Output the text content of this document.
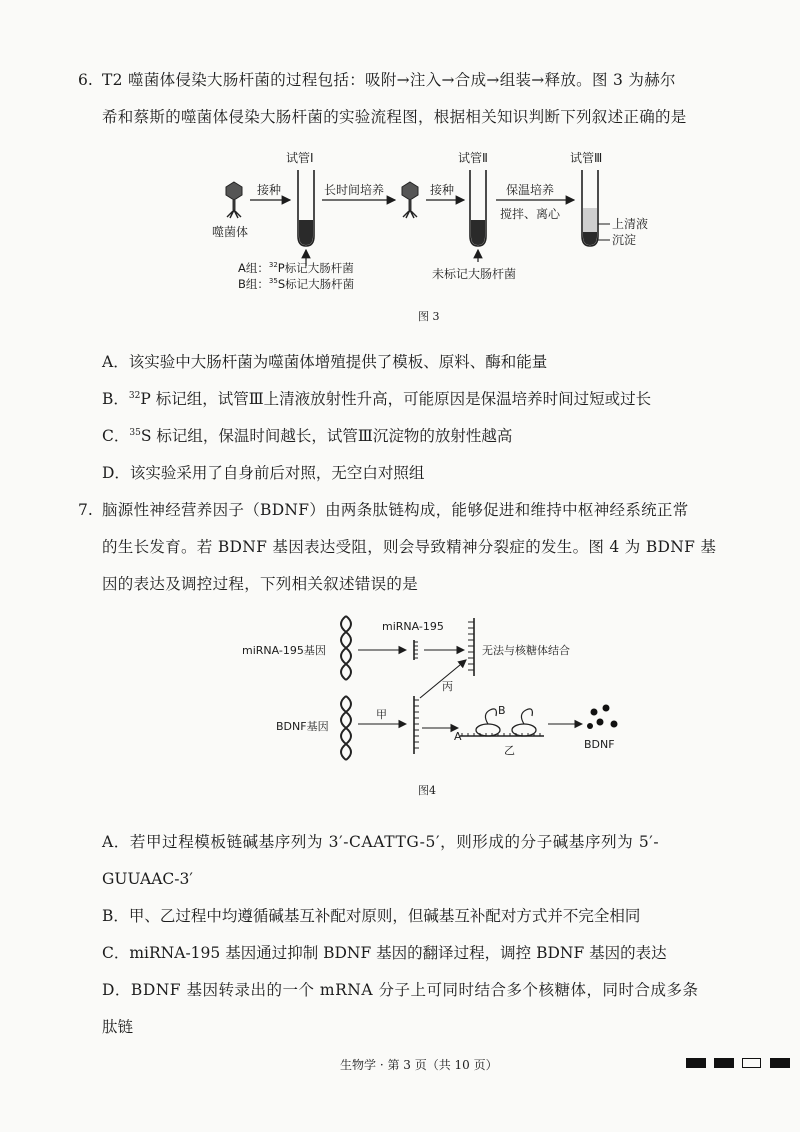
6. T2 噬菌体侵染大肠杆菌的过程包括：吸附→注入→合成→组装→释放。图 3 为赫尔
希和蔡斯的噬菌体侵染大肠杆菌的实验流程图，根据相关知识判断下列叙述正确的是
噬菌体
接种
试管Ⅰ
A组：$^{32}$P标记大肠杆菌
B组：$^{35}$S标记大肠杆菌
长时间培养	接种
试管Ⅱ
未标记大肠杆菌
保温培养
搅拌、离心
试管Ⅲ
上清液
沉淀
图 3
A．该实验中大肠杆菌为噬菌体增殖提供了模板、原料、酶和能量
B．$^{32}$P 标记组，试管Ⅲ上清液放射性升高，可能原因是保温培养时间过短或过长
C．$^{35}$S 标记组，保温时间越长，试管Ⅲ沉淀物的放射性越高
D．该实验采用了自身前后对照，无空白对照组
7. 脑源性神经营养因子（BDNF）由两条肽链构成，能够促进和维持中枢神经系统正常
的生长发育。若 BDNF 基因表达受阻，则会导致精神分裂症的发生。图 4 为 BDNF 基
因的表达及调控过程，下列相关叙述错误的是
miRNA-195基因
miRNA-195
无法与核糖体结合
BDNF基因
甲
丙
B
A
乙	BDNF
图4
A．若甲过程模板链碱基序列为 3′-CAATTG-5′，则形成的分子碱基序列为 5′-
GUUAAC-3′
B．甲、乙过程中均遵循碱基互补配对原则，但碱基互补配对方式并不完全相同
C．miRNA-195 基因通过抑制 BDNF 基因的翻译过程，调控 BDNF 基因的表达
D．BDNF 基因转录出的一个 mRNA 分子上可同时结合多个核糖体，同时合成多条
肽链
生物学 · 第 3 页（共 10 页）
